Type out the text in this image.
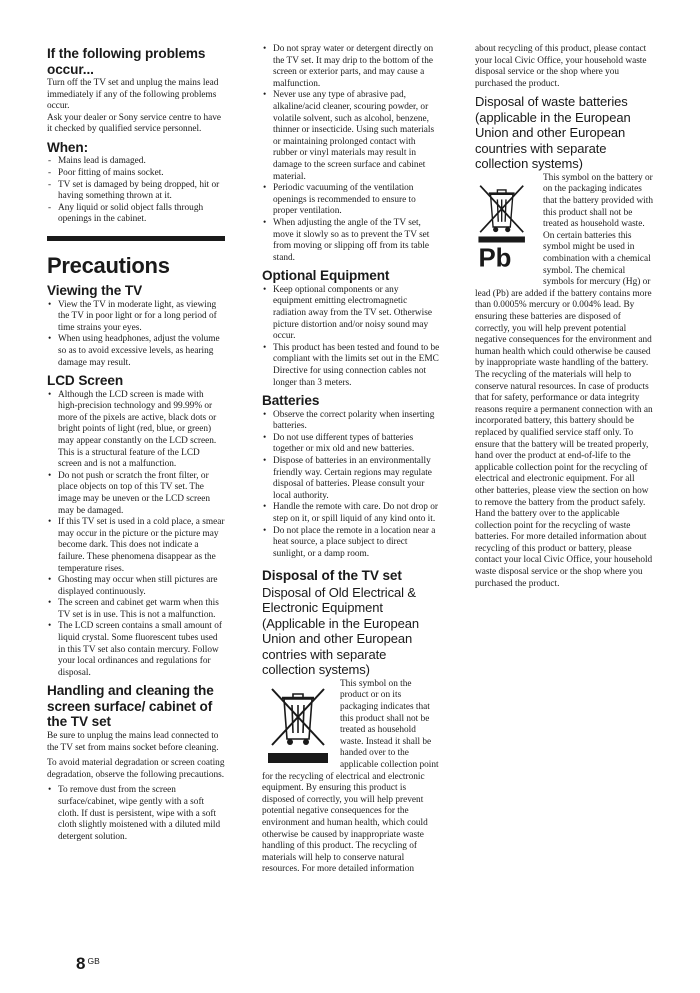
If the following problems occur...

Turn off the TV set and unplug the mains lead immediately if any of the following problems occur.

Ask your dealer or Sony service centre to have it checked by qualified service personnel.

When:
- Mains lead is damaged.
- Poor fitting of mains socket.
- TV set is damaged by being dropped, hit or having something thrown at it.
- Any liquid or solid object falls through openings in the cabinet.
Precautions
Viewing the TV
• View the TV in moderate light, as viewing the TV in poor light or for a long period of time strains your eyes.
• When using headphones, adjust the volume so as to avoid excessive levels, as hearing damage may result.
LCD Screen
• Although the LCD screen is made with high-precision technology and 99.99% or more of the pixels are active, black dots or bright points of light (red, blue, or green) may appear constantly on the LCD screen. This is a structural feature of the LCD screen and is not a malfunction.
• Do not push or scratch the front filter, or place objects on top of this TV set. The image may be uneven or the LCD screen may be damaged.
• If this TV set is used in a cold place, a smear may occur in the picture or the picture may become dark. This does not indicate a failure. These phenomena disappear as the temperature rises.
• Ghosting may occur when still pictures are displayed continuously.
• The screen and cabinet get warm when this TV set is in use. This is not a malfunction.
• The LCD screen contains a small amount of liquid crystal. Some fluorescent tubes used in this TV set also contain mercury. Follow your local ordinances and regulations for disposal.
Handling and cleaning the screen surface/ cabinet of the TV set

Be sure to unplug the mains lead connected to the TV set from mains socket before cleaning.

To avoid material degradation or screen coating degradation, observe the following precautions.

• To remove dust from the screen surface/cabinet, wipe gently with a soft cloth. If dust is persistent, wipe with a soft cloth slightly moistened with a diluted mild detergent solution.
• Do not spray water or detergent directly on the TV set. It may drip to the bottom of the screen or exterior parts, and may cause a malfunction.
• Never use any type of abrasive pad, alkaline/acid cleaner, scouring powder, or volatile solvent, such as alcohol, benzene, thinner or insecticide. Using such materials or maintaining prolonged contact with rubber or vinyl materials may result in damage to the screen surface and cabinet material.
• Periodic vacuuming of the ventilation openings is recommended to ensure to proper ventilation.
• When adjusting the angle of the TV set, move it slowly so as to prevent the TV set from moving or slipping off from its table stand.
Optional Equipment
• Keep optional components or any equipment emitting electromagnetic radiation away from the TV set. Otherwise picture distortion and/or noisy sound may occur.
• This product has been tested and found to be compliant with the limits set out in the EMC Directive for using connection cables not longer than 3 meters.
Batteries
• Observe the correct polarity when inserting batteries.
• Do not use different types of batteries together or mix old and new batteries.
• Dispose of batteries in an environmentally friendly way. Certain regions may regulate disposal of batteries. Please consult your local authority.
• Handle the remote with care. Do not drop or step on it, or spill liquid of any kind onto it.
• Do not place the remote in a location near a heat source, a place subject to direct sunlight, or a damp room.
Disposal of the TV set
Disposal of Old Electrical & Electronic Equipment (Applicable in the European Union and other European contries with separate collection systems)
This symbol on the product or on its packaging indicates that this product shall not be treated as household waste. Instead it shall be handed over to the applicable collection point for the recycling of electrical and electronic equipment. By ensuring this product is disposed of correctly, you will help prevent potential negative consequences for the environment and human health, which could otherwise be caused by inappropriate waste handling of this product. The recycling of materials will help to conserve natural resources. For more detailed information

about recycling of this product, please contact your local Civic Office, your household waste disposal service or the shop where you purchased the product.

Disposal of waste batteries (applicable in the European Union and other European countries with separate collection systems)
Pb
This symbol on the battery or on the packaging indicates that the battery provided with this product shall not be treated as household waste. On certain batteries this symbol might be used in combination with a chemical symbol. The chemical symbols for mercury (Hg) or lead (Pb) are added if the battery contains more than 0.0005% mercury or 0.004% lead. By ensuring these batteries are disposed of correctly, you will help prevent potential negative consequences for the environment and human health which could otherwise be caused by inappropriate waste handling of the battery. The recycling of the materials will help to conserve natural resources. In case of products that for safety, performance or data integrity reasons require a permanent connection with an incorporated battery, this battery should be replaced by qualified service staff only. To ensure that the battery will be treated properly, hand over the product at end-of-life to the applicable collection point for the recycling of electrical and electronic equipment. For all other batteries, please view the section on how to remove the battery from the product safely. Hand the battery over to the applicable collection point for the recycling of waste batteries. For more detailed information about recycling of this product or battery, please contact your local Civic Office, your household waste disposal service or the shop where you purchased the product.
8 $^{GB}$
